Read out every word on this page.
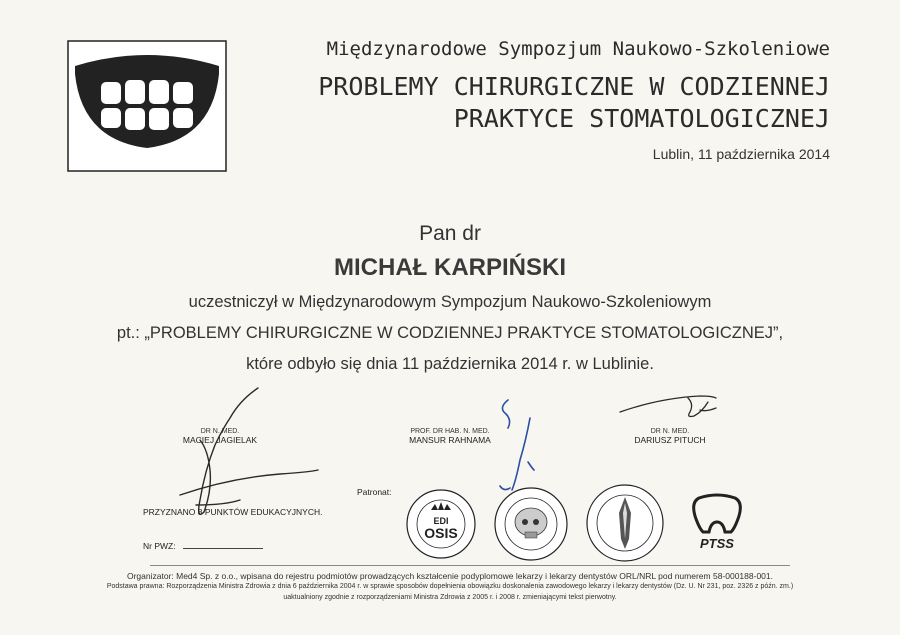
Międzynarodowe Sympozjum Naukowo-Szkoleniowe
PROBLEMY CHIRURGICZNE W CODZIENNEJ
PRAKTYCE STOMATOLOGICZNEJ
Lublin, 11 października 2014
Pan dr
MICHAŁ KARPIŃSKI
uczestniczył w Międzynarodowym Sympozjum Naukowo-Szkoleniowym
pt.: „PROBLEMY CHIRURGICZNE W CODZIENNEJ PRAKTYCE STOMATOLOGICZNEJ”,
które odbyło się dnia 11 października 2014 r. w Lublinie.
DR N. MED.
MACIEJ JAGIELAK
PROF. DR HAB. N. MED.
MANSUR RAHNAMA
DR N. MED.
DARIUSZ PITUCH
PRZYZNANO 8 PUNKTÓW EDUKACYJNYCH.
Nr PWZ:
Patronat:
EDI
OSIS
PTSS
Organizator: Med4 Sp. z o.o., wpisana do rejestru podmiotów prowadzących kształcenie podyplomowe lekarzy i lekarzy dentystów ORL/NRL pod numerem 58-000188-001.
Podstawa prawna: Rozporządzenia Ministra Zdrowia z dnia 6 października 2004 r. w sprawie sposobów dopełnienia obowiązku doskonalenia zawodowego lekarzy i lekarzy dentystów (Dz. U. Nr 231, poz. 2326 z późn. zm.)
uaktualniony zgodnie z rozporządzeniami Ministra Zdrowia z 2005 r. i 2008 r. zmieniającymi tekst pierwotny.
